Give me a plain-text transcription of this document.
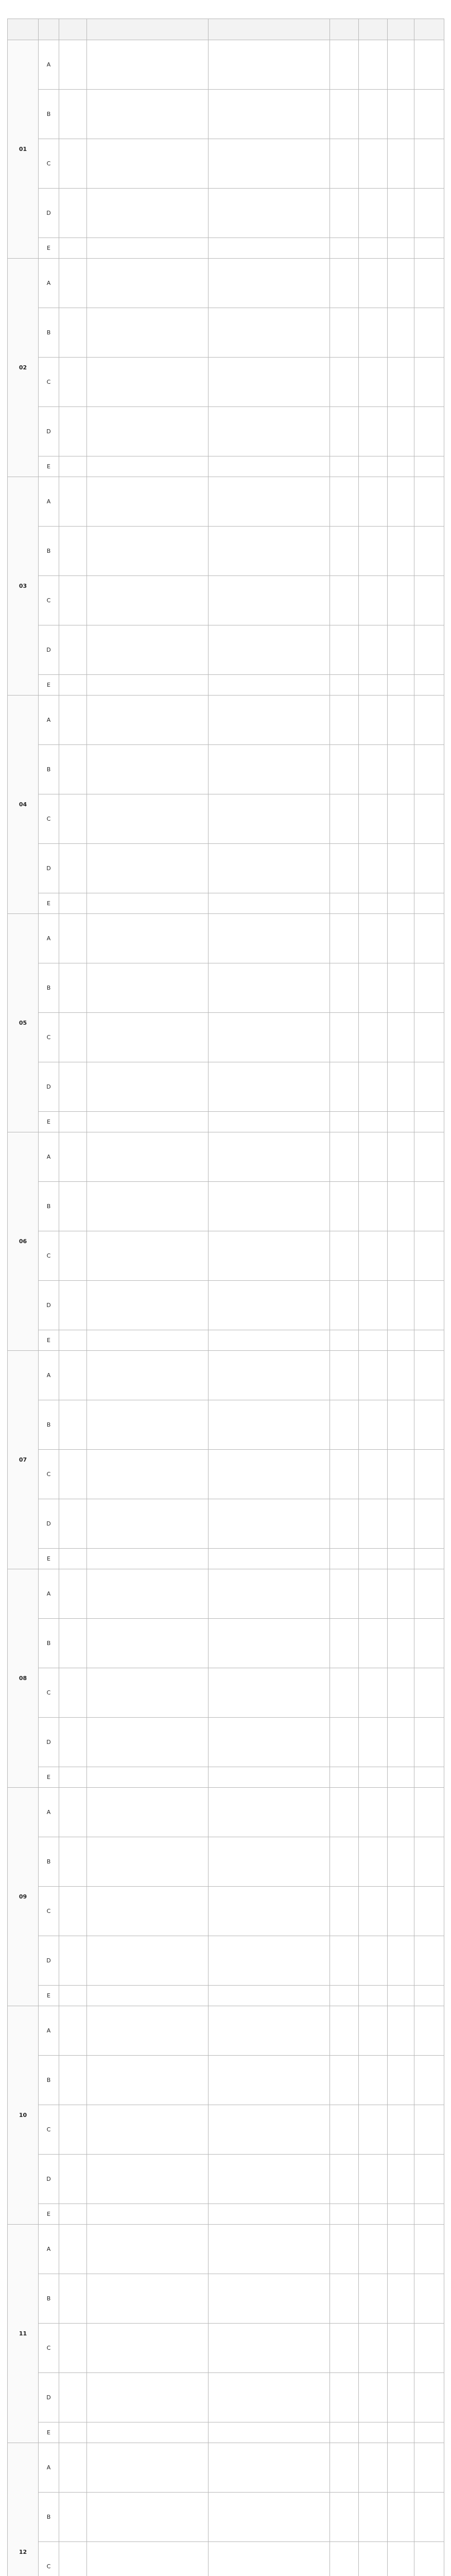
01	A							
	B							
	C							
	D							
	E							

02	A							
	B							
	C							
	D							
	E							

03	A							
	B							
	C							
	D							
	E							

04	A							
	B							
	C							
	D							
	E							

05	A							
	B							
	C							
	D							
	E							

06	A							
	B							
	C							
	D							
	E							

07	A							
	B							
	C							
	D							
	E							

08	A							
	B							
	C							
	D							
	E							

09	A							
	B							
	C							
	D							
	E							

10	A							
	B							
	C							
	D							
	E							

11	A							
	B							
	C							
	D							
	E							

12	A							
	B							
	C							
